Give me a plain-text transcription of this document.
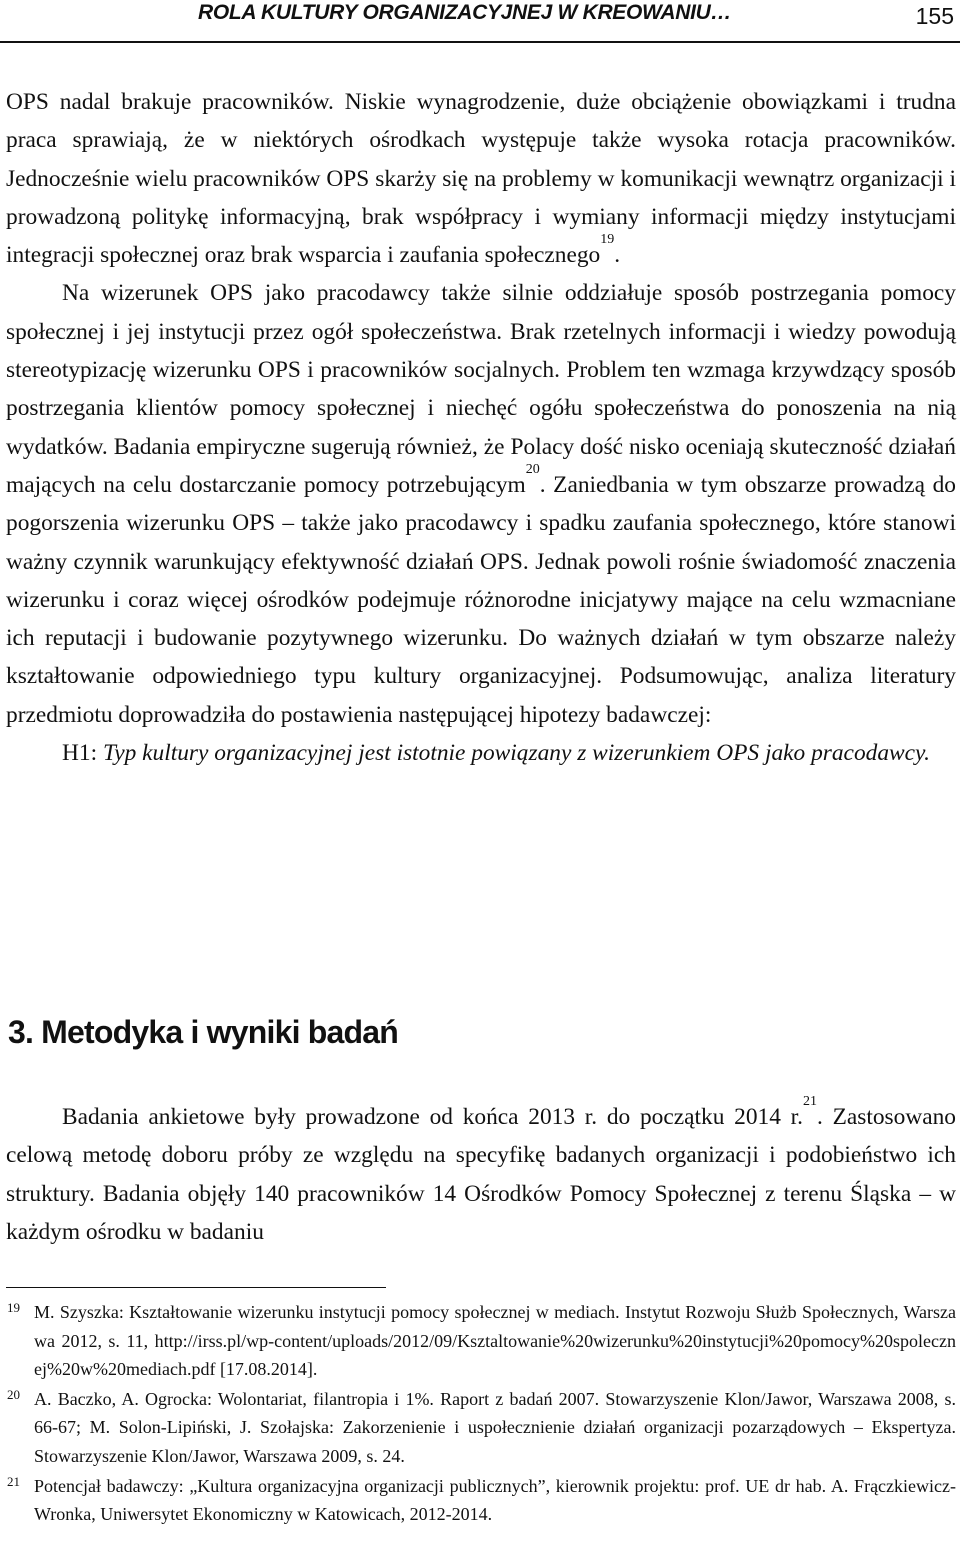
ROLA KULTURY ORGANIZACYJNEJ W KREOWANIU…	155

OPS nadal brakuje pracowników. Niskie wynagrodzenie, duże obciążenie obowiązkami i trudna praca sprawiają, że w niektórych ośrodkach występuje także wysoka rotacja pracowników. Jednocześnie wielu pracowników OPS skarży się na problemy w komunikacji wewnątrz organizacji i prowadzoną politykę informacyjną, brak współpracy i wymiany informacji między instytucjami integracji społecznej oraz brak wsparcia i zaufania społecznego$^{19}$.

Na wizerunek OPS jako pracodawcy także silnie oddziałuje sposób postrzegania pomocy społecznej i jej instytucji przez ogół społeczeństwa. Brak rzetelnych informacji i wiedzy powodują stereotypizację wizerunku OPS i pracowników socjalnych. Problem ten wzmaga krzywdzący sposób postrzegania klientów pomocy społecznej i niechęć ogółu społeczeństwa do ponoszenia na nią wydatków. Badania empiryczne sugerują również, że Polacy dość nisko oceniają skuteczność działań mających na celu dostarczanie pomocy potrzebującym$^{20}$. Zaniedbania w tym obszarze prowadzą do pogorszenia wizerunku OPS – także jako pracodawcy i spadku zaufania społecznego, które stanowi ważny czynnik warunkujący efektywność działań OPS. Jednak powoli rośnie świadomość znaczenia wizerunku i coraz więcej ośrodków podejmuje różnorodne inicjatywy mające na celu wzmacniane ich reputacji i budowanie pozytywnego wizerunku. Do ważnych działań w tym obszarze należy kształtowanie odpowiedniego typu kultury organizacyjnej. Podsumowując, analiza literatury przedmiotu doprowadziła do postawienia następującej hipotezy badawczej:

H1: Typ kultury organizacyjnej jest istotnie powiązany z wizerunkiem OPS jako pracodawcy.

3. Metodyka i wyniki badań

Badania ankietowe były prowadzone od końca 2013 r. do początku 2014 r.$^{21}$. Zastosowano celową metodę doboru próby ze względu na specyfikę badanych organizacji i podobieństwo ich struktury. Badania objęły 140 pracowników 14 Ośrodków Pomocy Społecznej z terenu Śląska – w każdym ośrodku w badaniu

19 M. Szyszka: Kształtowanie wizerunku instytucji pomocy społecznej w mediach. Instytut Rozwoju Służb Społecznych, Warszawa 2012, s. 11, http://irss.pl/wp-content/uploads/2012/09/Ksztaltowanie%20wizerunku%20instytucji%20pomocy%20spolecznej%20w%20mediach.pdf [17.08.2014].

20 A. Baczko, A. Ogrocka: Wolontariat, filantropia i 1%. Raport z badań 2007. Stowarzyszenie Klon/Jawor, Warszawa 2008, s. 66-67; M. Solon-Lipiński, J. Szołajska: Zakorzenienie i uspołecznienie działań organizacji pozarządowych – Ekspertyza. Stowarzyszenie Klon/Jawor, Warszawa 2009, s. 24.

21 Potencjał badawczy: „Kultura organizacyjna organizacji publicznych”, kierownik projektu: prof. UE dr hab. A. Frączkiewicz-Wronka, Uniwersytet Ekonomiczny w Katowicach, 2012-2014.
